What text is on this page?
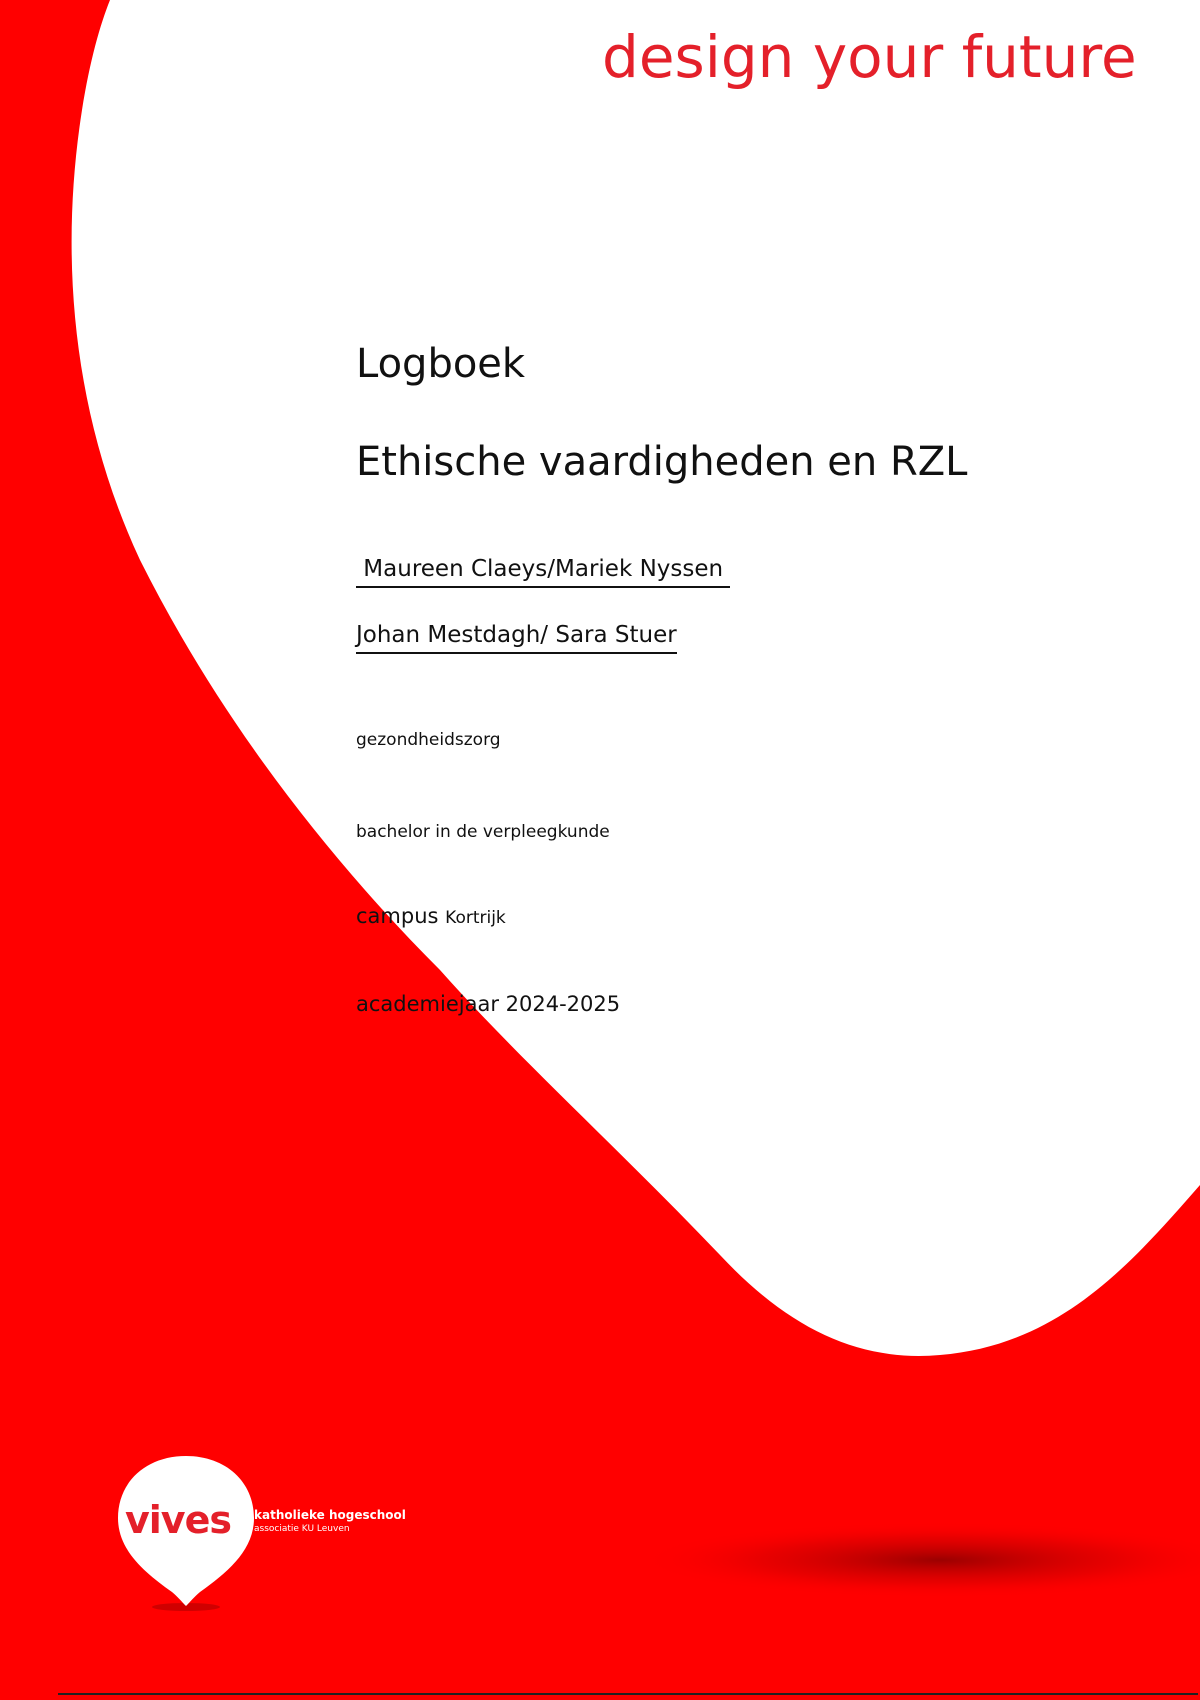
design your future
Logboek
Ethische vaardigheden en RZL
Maureen Claeys/Mariek Nyssen
Johan Mestdagh/ Sara Stuer
gezondheidszorg
bachelor in de verpleegkunde
campus Kortrijk
academiejaar 2024-2025
vives katholieke hogeschool
associatie KU Leuven
